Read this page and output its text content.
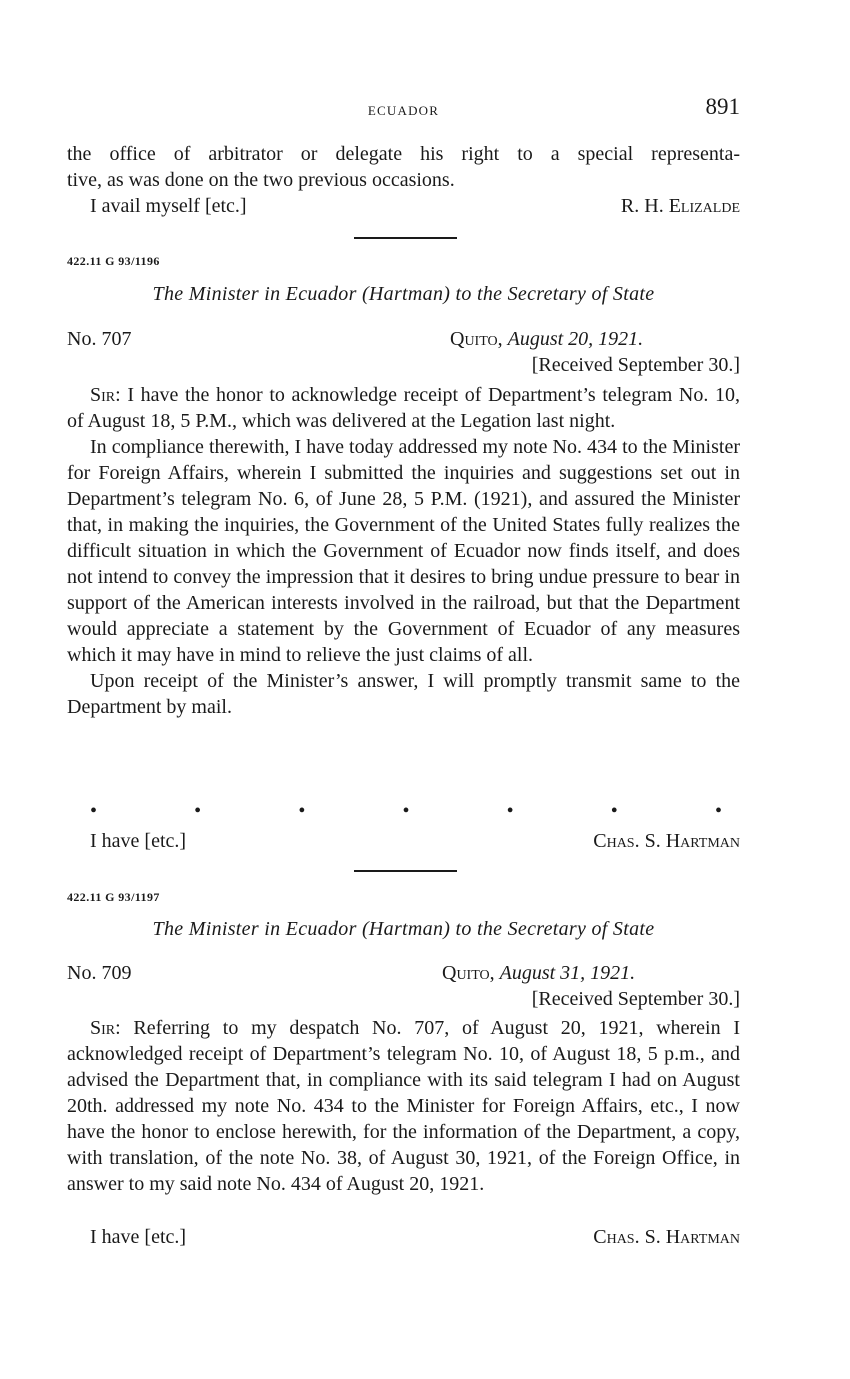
ECUADOR	891
the office of arbitrator or delegate his right to a special representa-
tive, as was done on the two previous occasions.
I avail myself [etc.]	R. H. Elizalde
422.11 G 93/1196
The Minister in Ecuador (Hartman) to the Secretary of State
No. 707	Quito, August 20, 1921.
[Received September 30.]

Sir: I have the honor to acknowledge receipt of Department’s telegram No. 10, of August 18, 5 P.M., which was delivered at the Legation last night.

In compliance therewith, I have today addressed my note No. 434 to the Minister for Foreign Affairs, wherein I submitted the inquiries and suggestions set out in Department’s telegram No. 6, of June 28, 5 P.M. (1921), and assured the Minister that, in making the inquiries, the Government of the United States fully realizes the difficult situation in which the Government of Ecuador now finds itself, and does not intend to convey the impression that it desires to bring undue pressure to bear in support of the American interests involved in the railroad, but that the Department would appreciate a statement by the Government of Ecuador of any measures which it may have in mind to relieve the just claims of all.

Upon receipt of the Minister’s answer, I will promptly transmit same to the Department by mail.

•	•	•	•	•	•	•
I have [etc.]	Chas. S. Hartman
422.11 G 93/1197
The Minister in Ecuador (Hartman) to the Secretary of State
No. 709	Quito, August 31, 1921.
[Received September 30.]

Sir: Referring to my despatch No. 707, of August 20, 1921, wherein I acknowledged receipt of Department’s telegram No. 10, of August 18, 5 p.m., and advised the Department that, in compliance with its said telegram I had on August 20th. addressed my note No. 434 to the Minister for Foreign Affairs, etc., I now have the honor to enclose herewith, for the information of the Department, a copy, with translation, of the note No. 38, of August 30, 1921, of the Foreign Office, in answer to my said note No. 434 of August 20, 1921.

I have [etc.]	Chas. S. Hartman
